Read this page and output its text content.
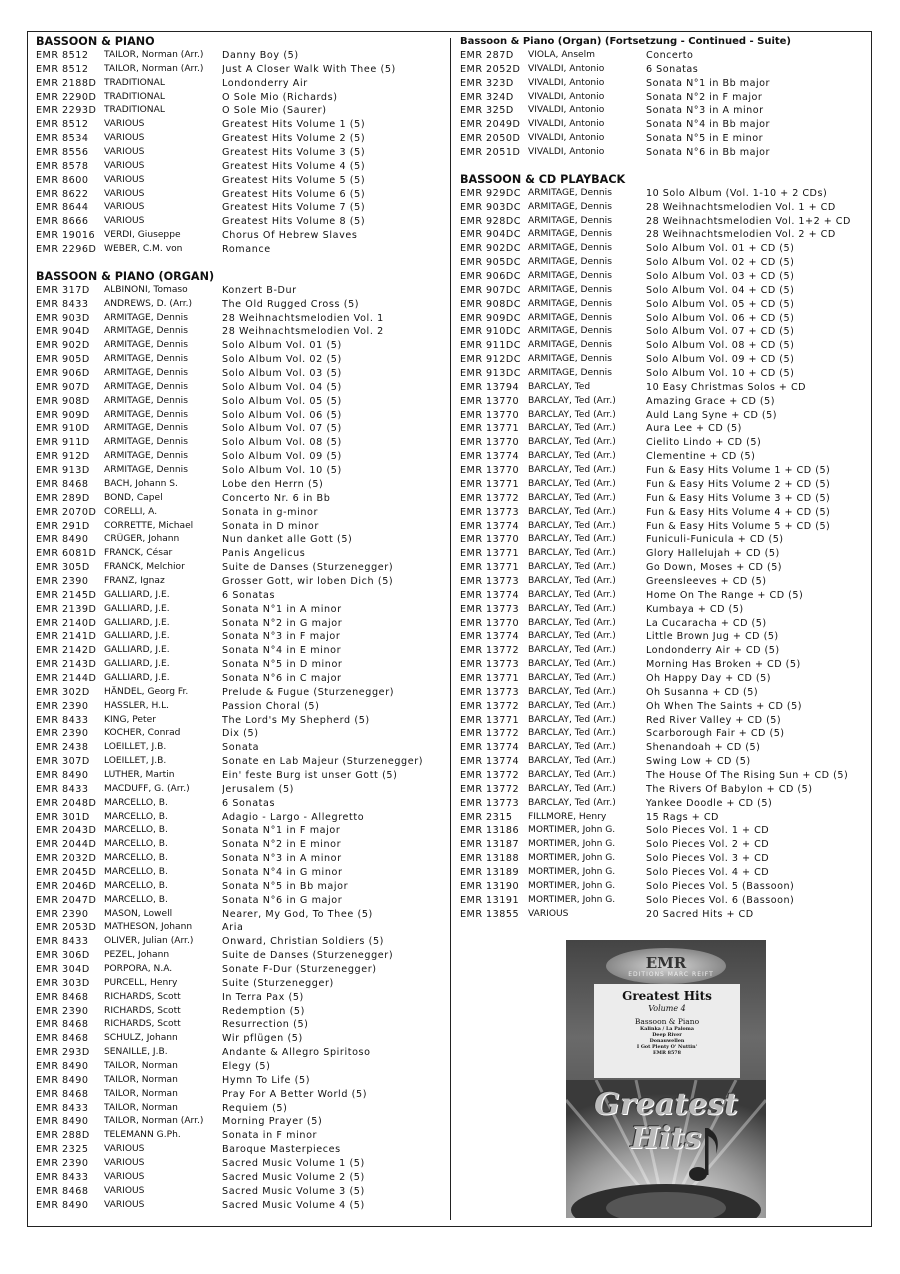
BASSOON & PIANO
EMR 8512	TAILOR, Norman (Arr.)	Danny Boy (5)
EMR 8512	TAILOR, Norman (Arr.)	Just A Closer Walk With Thee (5)
EMR 2188D TRADITIONAL	Londonderry Air
EMR 2290D TRADITIONAL	O Sole Mio (Richards)
EMR 2293D TRADITIONAL	O Sole Mio (Saurer)
EMR 8512	VARIOUS	Greatest Hits Volume 1 (5)
EMR 8534	VARIOUS	Greatest Hits Volume 2 (5)
EMR 8556	VARIOUS	Greatest Hits Volume 3 (5)
EMR 8578	VARIOUS	Greatest Hits Volume 4 (5)
EMR 8600	VARIOUS	Greatest Hits Volume 5 (5)
EMR 8622	VARIOUS	Greatest Hits Volume 6 (5)
EMR 8644	VARIOUS	Greatest Hits Volume 7 (5)
EMR 8666	VARIOUS	Greatest Hits Volume 8 (5)
EMR 19016 VERDI, Giuseppe	Chorus Of Hebrew Slaves
EMR 2296D WEBER, C.M. von	Romance
BASSOON & PIANO (ORGAN)
EMR 317D	ALBINONI, Tomaso	Konzert B-Dur
EMR 8433	ANDREWS, D. (Arr.)	The Old Rugged Cross (5)
EMR 903D	ARMITAGE, Dennis	28 Weihnachtsmelodien Vol. 1
EMR 904D	ARMITAGE, Dennis	28 Weihnachtsmelodien Vol. 2
EMR 902D	ARMITAGE, Dennis	Solo Album Vol. 01 (5)
EMR 905D	ARMITAGE, Dennis	Solo Album Vol. 02 (5)
EMR 906D	ARMITAGE, Dennis	Solo Album Vol. 03 (5)
EMR 907D	ARMITAGE, Dennis	Solo Album Vol. 04 (5)
EMR 908D	ARMITAGE, Dennis	Solo Album Vol. 05 (5)
EMR 909D	ARMITAGE, Dennis	Solo Album Vol. 06 (5)
EMR 910D	ARMITAGE, Dennis	Solo Album Vol. 07 (5)
EMR 911D	ARMITAGE, Dennis	Solo Album Vol. 08 (5)
EMR 912D	ARMITAGE, Dennis	Solo Album Vol. 09 (5)
EMR 913D	ARMITAGE, Dennis	Solo Album Vol. 10 (5)
EMR 8468	BACH, Johann S.	Lobe den Herrn (5)
EMR 289D	BOND, Capel	Concerto Nr. 6 in Bb
EMR 2070D CORELLI, A.	Sonata in g-minor
EMR 291D	CORRETTE, Michael	Sonata in D minor
EMR 8490	CRÜGER, Johann	Nun danket alle Gott (5)
EMR 6081D FRANCK, César	Panis Angelicus
EMR 305D	FRANCK, Melchior	Suite de Danses (Sturzenegger)
EMR 2390	FRANZ, Ignaz	Grosser Gott, wir loben Dich (5)
EMR 2145D GALLIARD, J.E.	6 Sonatas
EMR 2139D GALLIARD, J.E.	Sonata N°1 in A minor
EMR 2140D GALLIARD, J.E.	Sonata N°2 in G major
EMR 2141D GALLIARD, J.E.	Sonata N°3 in F major
EMR 2142D GALLIARD, J.E.	Sonata N°4 in E minor
EMR 2143D GALLIARD, J.E.	Sonata N°5 in D minor
EMR 2144D GALLIARD, J.E.	Sonata N°6 in C major
EMR 302D	HÄNDEL, Georg Fr.	Prelude & Fugue (Sturzenegger)
EMR 2390	HASSLER, H.L.	Passion Choral (5)
EMR 8433	KING, Peter	The Lord's My Shepherd (5)
EMR 2390	KOCHER, Conrad	Dix (5)
EMR 2438	LOEILLET, J.B.	Sonata
EMR 307D	LOEILLET, J.B.	Sonate en Lab Majeur (Sturzenegger)
EMR 8490	LUTHER, Martin	Ein' feste Burg ist unser Gott (5)
EMR 8433	MACDUFF, G. (Arr.)	Jerusalem (5)
EMR 2048D MARCELLO, B.	6 Sonatas
EMR 301D	MARCELLO, B.	Adagio - Largo - Allegretto
EMR 2043D MARCELLO, B.	Sonata N°1 in F major
EMR 2044D MARCELLO, B.	Sonata N°2 in E minor
EMR 2032D MARCELLO, B.	Sonata N°3 in A minor
EMR 2045D MARCELLO, B.	Sonata N°4 in G minor
EMR 2046D MARCELLO, B.	Sonata N°5 in Bb major
EMR 2047D MARCELLO, B.	Sonata N°6 in G major
EMR 2390	MASON, Lowell	Nearer, My God, To Thee (5)
EMR 2053D MATHESON, Johann	Aria
EMR 8433	OLIVER, Julian (Arr.)	Onward, Christian Soldiers (5)
EMR 306D	PEZEL, Johann	Suite de Danses (Sturzenegger)
EMR 304D	PORPORA, N.A.	Sonate F-Dur (Sturzenegger)
EMR 303D	PURCELL, Henry	Suite (Sturzenegger)
EMR 8468	RICHARDS, Scott	In Terra Pax (5)
EMR 2390	RICHARDS, Scott	Redemption (5)
EMR 8468	RICHARDS, Scott	Resurrection (5)
EMR 8468	SCHULZ, Johann	Wir pflügen (5)
EMR 293D	SENAILLE, J.B.	Andante & Allegro Spiritoso
EMR 8490	TAILOR, Norman	Elegy (5)
EMR 8490	TAILOR, Norman	Hymn To Life (5)
EMR 8468	TAILOR, Norman	Pray For A Better World (5)
EMR 8433	TAILOR, Norman	Requiem (5)
EMR 8490	TAILOR, Norman (Arr.)	Morning Prayer (5)
EMR 288D	TELEMANN G.Ph.	Sonata in F minor
EMR 2325	VARIOUS	Baroque Masterpieces
EMR 2390	VARIOUS	Sacred Music Volume 1 (5)
EMR 8433	VARIOUS	Sacred Music Volume 2 (5)
EMR 8468	VARIOUS	Sacred Music Volume 3 (5)
EMR 8490	VARIOUS	Sacred Music Volume 4 (5)
Bassoon & Piano (Organ) (Fortsetzung - Continued - Suite)
EMR 287D	VIOLA, Anselm	Concerto
EMR 2052D VIVALDI, Antonio	6 Sonatas
EMR 323D	VIVALDI, Antonio	Sonata N°1 in Bb major
EMR 324D	VIVALDI, Antonio	Sonata N°2 in F major
EMR 325D	VIVALDI, Antonio	Sonata N°3 in A minor
EMR 2049D VIVALDI, Antonio	Sonata N°4 in Bb major
EMR 2050D VIVALDI, Antonio	Sonata N°5 in E minor
EMR 2051D VIVALDI, Antonio	Sonata N°6 in Bb major
BASSOON & CD PLAYBACK
EMR 929DC ARMITAGE, Dennis	10 Solo Album (Vol. 1-10 + 2 CDs)
EMR 903DC ARMITAGE, Dennis	28 Weihnachtsmelodien Vol. 1 + CD
EMR 928DC ARMITAGE, Dennis	28 Weihnachtsmelodien Vol. 1+2 + CD
EMR 904DC ARMITAGE, Dennis	28 Weihnachtsmelodien Vol. 2 + CD
EMR 902DC ARMITAGE, Dennis	Solo Album Vol. 01 + CD (5)
EMR 905DC ARMITAGE, Dennis	Solo Album Vol. 02 + CD (5)
EMR 906DC ARMITAGE, Dennis	Solo Album Vol. 03 + CD (5)
EMR 907DC ARMITAGE, Dennis	Solo Album Vol. 04 + CD (5)
EMR 908DC ARMITAGE, Dennis	Solo Album Vol. 05 + CD (5)
EMR 909DC ARMITAGE, Dennis	Solo Album Vol. 06 + CD (5)
EMR 910DC ARMITAGE, Dennis	Solo Album Vol. 07 + CD (5)
EMR 911DC ARMITAGE, Dennis	Solo Album Vol. 08 + CD (5)
EMR 912DC ARMITAGE, Dennis	Solo Album Vol. 09 + CD (5)
EMR 913DC ARMITAGE, Dennis	Solo Album Vol. 10 + CD (5)
EMR 13794 BARCLAY, Ted	10 Easy Christmas Solos + CD
EMR 13770 BARCLAY, Ted (Arr.)	Amazing Grace + CD (5)
EMR 13770 BARCLAY, Ted (Arr.)	Auld Lang Syne + CD (5)
EMR 13771 BARCLAY, Ted (Arr.)	Aura Lee + CD (5)
EMR 13770 BARCLAY, Ted (Arr.)	Cielito Lindo + CD (5)
EMR 13774 BARCLAY, Ted (Arr.)	Clementine + CD (5)
EMR 13770 BARCLAY, Ted (Arr.)	Fun & Easy Hits Volume 1 + CD (5)
EMR 13771 BARCLAY, Ted (Arr.)	Fun & Easy Hits Volume 2 + CD (5)
EMR 13772 BARCLAY, Ted (Arr.)	Fun & Easy Hits Volume 3 + CD (5)
EMR 13773 BARCLAY, Ted (Arr.)	Fun & Easy Hits Volume 4 + CD (5)
EMR 13774 BARCLAY, Ted (Arr.)	Fun & Easy Hits Volume 5 + CD (5)
EMR 13770 BARCLAY, Ted (Arr.)	Funiculi-Funicula + CD (5)
EMR 13771 BARCLAY, Ted (Arr.)	Glory Hallelujah + CD (5)
EMR 13771 BARCLAY, Ted (Arr.)	Go Down, Moses + CD (5)
EMR 13773 BARCLAY, Ted (Arr.)	Greensleeves + CD (5)
EMR 13774 BARCLAY, Ted (Arr.)	Home On The Range + CD (5)
EMR 13773 BARCLAY, Ted (Arr.)	Kumbaya + CD (5)
EMR 13770 BARCLAY, Ted (Arr.)	La Cucaracha + CD (5)
EMR 13774 BARCLAY, Ted (Arr.)	Little Brown Jug + CD (5)
EMR 13772 BARCLAY, Ted (Arr.)	Londonderry Air + CD (5)
EMR 13773 BARCLAY, Ted (Arr.)	Morning Has Broken + CD (5)
EMR 13771 BARCLAY, Ted (Arr.)	Oh Happy Day + CD (5)
EMR 13773 BARCLAY, Ted (Arr.)	Oh Susanna + CD (5)
EMR 13772 BARCLAY, Ted (Arr.)	Oh When The Saints + CD (5)
EMR 13771 BARCLAY, Ted (Arr.)	Red River Valley + CD (5)
EMR 13772 BARCLAY, Ted (Arr.)	Scarborough Fair + CD (5)
EMR 13774 BARCLAY, Ted (Arr.)	Shenandoah + CD (5)
EMR 13774 BARCLAY, Ted (Arr.)	Swing Low + CD (5)
EMR 13772 BARCLAY, Ted (Arr.)	The House Of The Rising Sun + CD (5)
EMR 13772 BARCLAY, Ted (Arr.)	The Rivers Of Babylon + CD (5)
EMR 13773 BARCLAY, Ted (Arr.)	Yankee Doodle + CD (5)
EMR 2315	FILLMORE, Henry	15 Rags + CD
EMR 13186 MORTIMER, John G.	Solo Pieces Vol. 1 + CD
EMR 13187 MORTIMER, John G.	Solo Pieces Vol. 2 + CD
EMR 13188 MORTIMER, John G.	Solo Pieces Vol. 3 + CD
EMR 13189 MORTIMER, John G.	Solo Pieces Vol. 4 + CD
EMR 13190 MORTIMER, John G.	Solo Pieces Vol. 5 (Bassoon)
EMR 13191 MORTIMER, John G.	Solo Pieces Vol. 6 (Bassoon)
EMR 13855 VARIOUS	20 Sacred Hits + CD
EMR
EDITIONS MARC REIFT
Greatest Hits
Volume 4
Bassoon & Piano
Kalinka / La Paloma
Deep River
Donauwellen
I Got Plenty O' Nuttin'
EMR 8578
Greatest Hits
